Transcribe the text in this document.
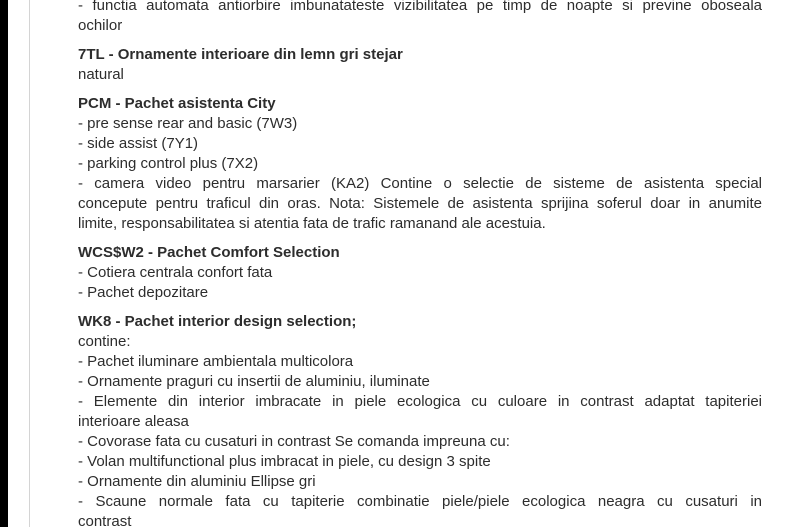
- functia automata antiorbire imbunatateste vizibilitatea pe timp de noapte si previne oboseala

ochilor

7TL - Ornamente interioare din lemn gri stejar

natural

PCM - Pachet asistenta City

- pre sense rear and basic (7W3)

- side assist (7Y1)

- parking control plus (7X2)

- camera video pentru marsarier (KA2) Contine o selectie de sisteme de asistenta special

concepute pentru traficul din oras. Nota: Sistemele de asistenta sprijina soferul doar in anumite

limite, responsabilitatea si atentia fata de trafic ramanand ale acestuia.

WCS$W2 - Pachet Comfort Selection

- Cotiera centrala confort fata

- Pachet depozitare

WK8 - Pachet interior design selection;

contine:

- Pachet iluminare ambientala multicolora

- Ornamente praguri cu insertii de aluminiu, iluminate

- Elemente din interior imbracate in piele ecologica cu culoare in contrast adaptat tapiteriei

interioare aleasa

- Covorase fata cu cusaturi in contrast Se comanda impreuna cu:

- Volan multifunctional plus imbracat in piele, cu design 3 spite

- Ornamente din aluminiu Ellipse gri

- Scaune normale fata cu tapiterie combinatie piele/piele ecologica neagra cu cusaturi in

contrast
